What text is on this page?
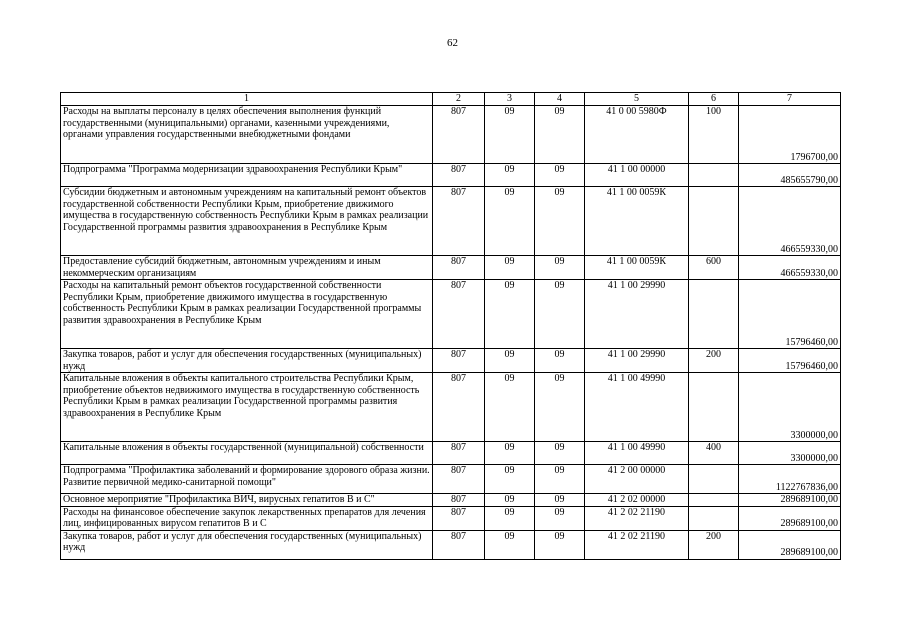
62
1	2	3	4	5	6	7
Расходы на выплаты персоналу в целях обеспечения выполнения функций государственными (муниципальными) органами, казенными учреждениями, органами управления государственными внебюджетными фондами	807	09	09	41 0 00 5980Ф	100	1796700,00
Подпрограмма "Программа модернизации здравоохранения Республики Крым"	807	09	09	41 1 00 00000		485655790,00
Субсидии бюджетным и автономным учреждениям на капитальный ремонт объектов государственной собственности Республики Крым, приобретение движимого имущества в государственную собственность Республики Крым в рамках реализации Государственной программы развития здравоохранения в Республике Крым	807	09	09	41 1 00 0059К		466559330,00
Предоставление субсидий бюджетным, автономным учреждениям и иным некоммерческим организациям	807	09	09	41 1 00 0059К	600	466559330,00
Расходы на капитальный ремонт объектов государственной собственности Республики Крым, приобретение движимого имущества в государственную собственность Республики Крым в рамках реализации Государственной программы развития здравоохранения в Республике Крым	807	09	09	41 1 00 29990		15796460,00
Закупка товаров, работ и услуг для обеспечения государственных (муниципальных) нужд	807	09	09	41 1 00 29990	200	15796460,00
Капитальные вложения в объекты капитального строительства Республики Крым, приобретение объектов недвижимого имущества в государственную собственность Республики Крым в рамках реализации Государственной программы развития здравоохранения в Республике Крым	807	09	09	41 1 00 49990		3300000,00
Капитальные вложения в объекты государственной (муниципальной) собственности	807	09	09	41 1 00 49990	400	3300000,00
Подпрограмма "Профилактика заболеваний и формирование здорового образа жизни. Развитие первичной медико-санитарной помощи"	807	09	09	41 2 00 00000		1122767836,00
Основное мероприятие "Профилактика ВИЧ, вирусных гепатитов В и С"	807	09	09	41 2 02 00000		289689100,00
Расходы на финансовое обеспечение закупок лекарственных препаратов для лечения лиц, инфицированных вирусом гепатитов В и С	807	09	09	41 2 02 21190		289689100,00
Закупка товаров, работ и услуг для обеспечения государственных (муниципальных) нужд	807	09	09	41 2 02 21190	200	289689100,00
